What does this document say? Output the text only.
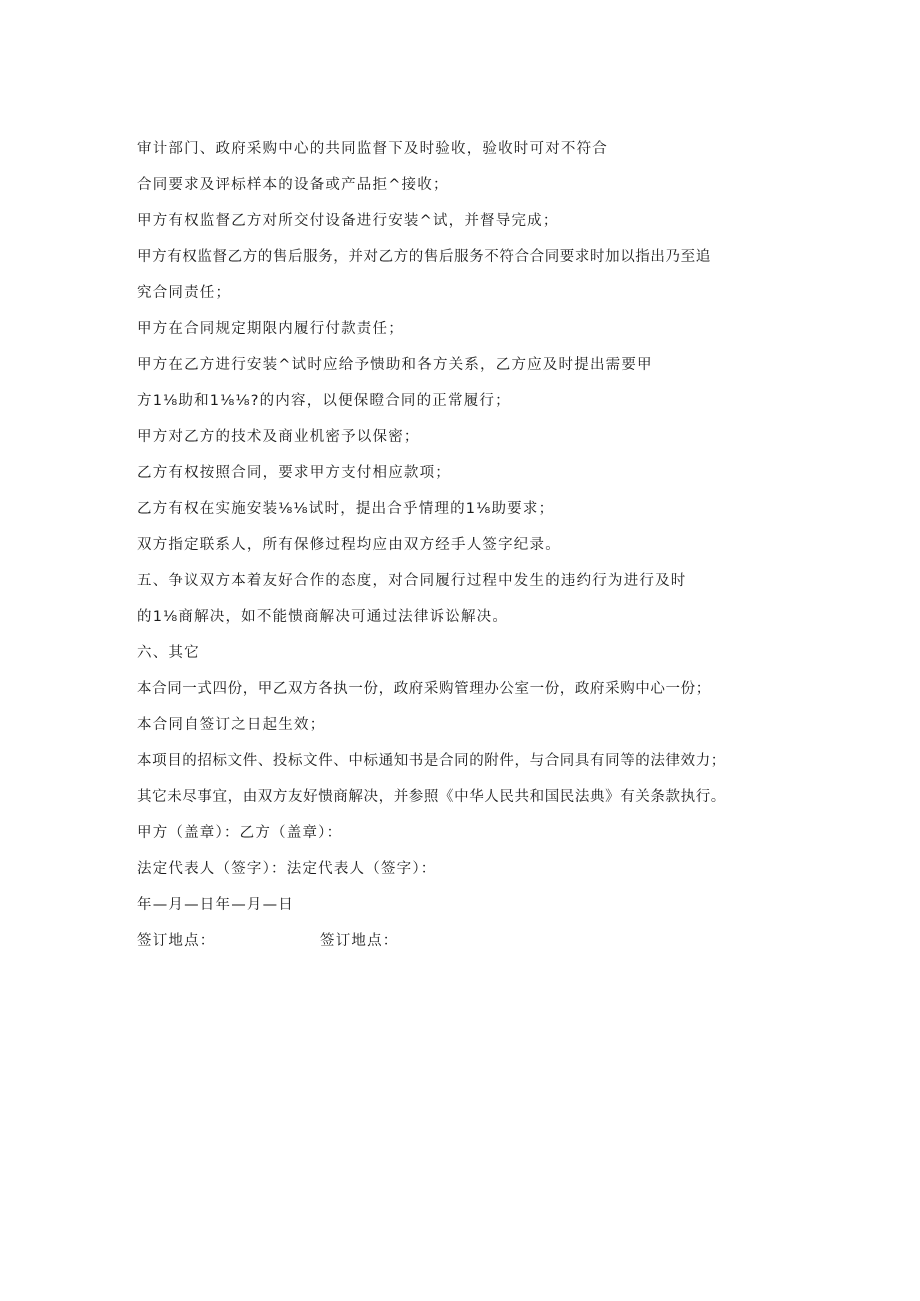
审计部门、政府采购中心的共同监督下及时验收，验收时可对不符合
合同要求及评标样本的设备或产品拒^接收；
甲方有权监督乙方对所交付设备进行安装^试，并督导完成；
甲方有权监督乙方的售后服务，并对乙方的售后服务不符合合同要求时加以指出乃至追
究合同责任；
甲方在合同规定期限内履行付款责任；
甲方在乙方进行安装^试时应给予愦助和各方关系，乙方应及时提出需要甲
方1⅛助和1⅛⅛?的内容，以便保瞪合同的正常履行；
甲方对乙方的技术及商业机密予以保密；
乙方有权按照合同，要求甲方支付相应款项；
乙方有权在实施安装⅛⅛试时，提出合乎情理的1⅛助要求；
双方指定联系人，所有保修过程均应由双方经手人签字纪录。
五、争议双方本着友好合作的态度，对合同履行过程中发生的违约行为进行及时
的1⅛商解决，如不能愦商解决可通过法律诉讼解决。
六、其它
本合同一式四份，甲乙双方各执一份，政府采购管理办公室一份，政府采购中心一份；
本合同自签订之日起生效；
本项目的招标文件、投标文件、中标通知书是合同的附件，与合同具有同等的法律效力；
其它未尽事宜，由双方友好愦商解决，并参照《中华人民共和国民法典》有关条款执行。
甲方（盖章）：乙方（盖章）：
法定代表人（签字）：法定代表人（签字）：
年—月—日年—月—日
签订地点：	签订地点：
